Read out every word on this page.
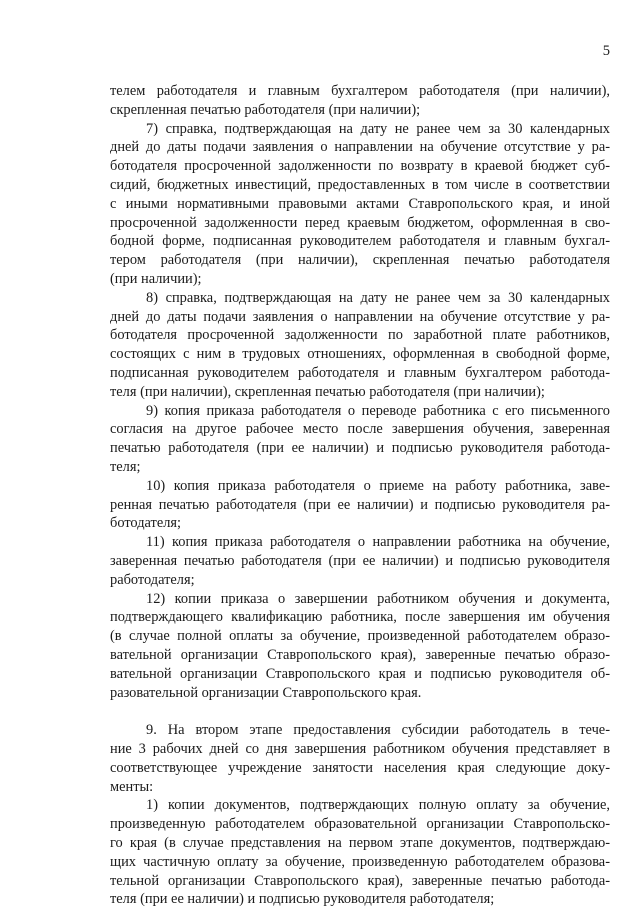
5
телем работодателя и главным бухгалтером работодателя (при наличии),
скрепленная печатью работодателя (при наличии);
7) справка, подтверждающая на дату не ранее чем за 30 календарных
дней до даты подачи заявления о направлении на обучение отсутствие у ра-
ботодателя просроченной задолженности по возврату в краевой бюджет суб-
сидий, бюджетных инвестиций, предоставленных в том числе в соответствии
с иными нормативными правовыми актами Ставропольского края, и иной
просроченной задолженности перед краевым бюджетом, оформленная в сво-
бодной форме, подписанная руководителем работодателя и главным бухгал-
тером работодателя (при наличии), скрепленная печатью работодателя
(при наличии);
8) справка, подтверждающая на дату не ранее чем за 30 календарных
дней до даты подачи заявления о направлении на обучение отсутствие у ра-
ботодателя просроченной задолженности по заработной плате работников,
состоящих с ним в трудовых отношениях, оформленная в свободной форме,
подписанная руководителем работодателя и главным бухгалтером работода-
теля (при наличии), скрепленная печатью работодателя (при наличии);
9) копия приказа работодателя о переводе работника с его письменного
согласия на другое рабочее место после завершения обучения, заверенная
печатью работодателя (при ее наличии) и подписью руководителя работода-
теля;
10) копия приказа работодателя о приеме на работу работника, заве-
ренная печатью работодателя (при ее наличии) и подписью руководителя ра-
ботодателя;
11) копия приказа работодателя о направлении работника на обучение,
заверенная печатью работодателя (при ее наличии) и подписью руководителя
работодателя;
12) копии приказа о завершении работником обучения и документа,
подтверждающего квалификацию работника, после завершения им обучения
(в случае полной оплаты за обучение, произведенной работодателем образо-
вательной организации Ставропольского края), заверенные печатью образо-
вательной организации Ставропольского края и подписью руководителя об-
разовательной организации Ставропольского края.
9. На втором этапе предоставления субсидии работодатель в тече-
ние 3 рабочих дней со дня завершения работником обучения представляет в
соответствующее учреждение занятости населения края следующие доку-
менты:
1) копии документов, подтверждающих полную оплату за обучение,
произведенную работодателем образовательной организации Ставропольско-
го края (в случае представления на первом этапе документов, подтверждаю-
щих частичную оплату за обучение, произведенную работодателем образова-
тельной организации Ставропольского края), заверенные печатью работода-
теля (при ее наличии) и подписью руководителя работодателя;
